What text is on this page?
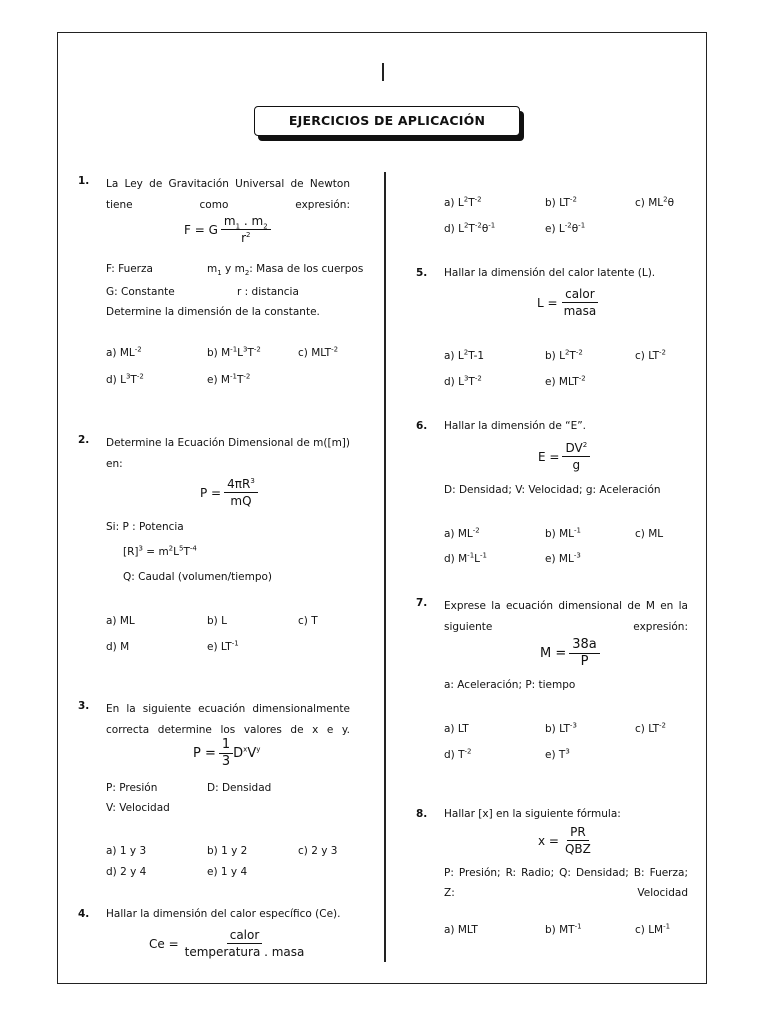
EJERCICIOS DE APLICACIÓN
1. La Ley de Gravitación Universal de Newton tiene como expresión:
F = G
$m_1$ . $m_2$
$r^2$
F: Fuerza	$m_1$ y $m_2$: Masa de los cuerpos
G: Constante	r : distancia
Determine la dimensión de la constante.
a) $ML^{-2}$	b) $M^{-1}L^3T^{-2}$	c) $MLT^{-2}$
d) $L^3T^{-2}$	e) $M^{-1}T^{-2}$
2. Determine la Ecuación Dimensional de m([m]) en:
$P = \frac{4\pi R^3}{mQ}$
Si: P : Potencia
$[R]^3 = m^2L^5T^{-4}$
Q: Caudal (volumen/tiempo)
a) ML	b) L	c) T
d) M	e) $LT^{-1}$
3. En la siguiente ecuación dimensionalmente correcta determine los valores de x e y.
$P = \frac{1}{3} D^xV^y$
P: Presión	D: Densidad
V: Velocidad
a) 1 y 3	b) 1 y 2	c) 2 y 3
d) 2 y 4	e) 1 y 4
4. Hallar la dimensión del calor específico (Ce).
Ce =
calor
temperatura . masa
a) $L^2T^{-2}$	b) $LT^{-2}$	c) $ML^2\theta$
d) $L^2T^{-2}\theta^{-1}$	e) $L^{-2}\theta^{-1}$
5. Hallar la dimensión del calor latente (L).
L =
calor
masa
a) $L^2T-1$	b) $L^2T^{-2}$	c) $LT^{-2}$
d) $L^3T^{-2}$	e) $MLT^{-2}$
6. Hallar la dimensión de “E”.
$E = \frac{DV^2}{g}$
D: Densidad; V: Velocidad; g: Aceleración
a) $ML^{-2}$	b) $ML^{-1}$	c) ML
d) $M^{-1}L^{-1}$	e) $ML^{-3}$
7. Exprese la ecuación dimensional de M en la siguiente expresión:
$M = \frac{38a}{P}$
a: Aceleración; P: tiempo
a) LT	b) $LT^{-3}$	c) $LT^{-2}$
d) $T^{-2}$	e) $T^3$
8. Hallar [x] en la siguiente fórmula:
x =
PR
QBZ
P: Presión; R: Radio; Q: Densidad; B: Fuerza; Z: Velocidad
a) MLT	b) $MT^{-1}$	c) $LM^{-1}$
